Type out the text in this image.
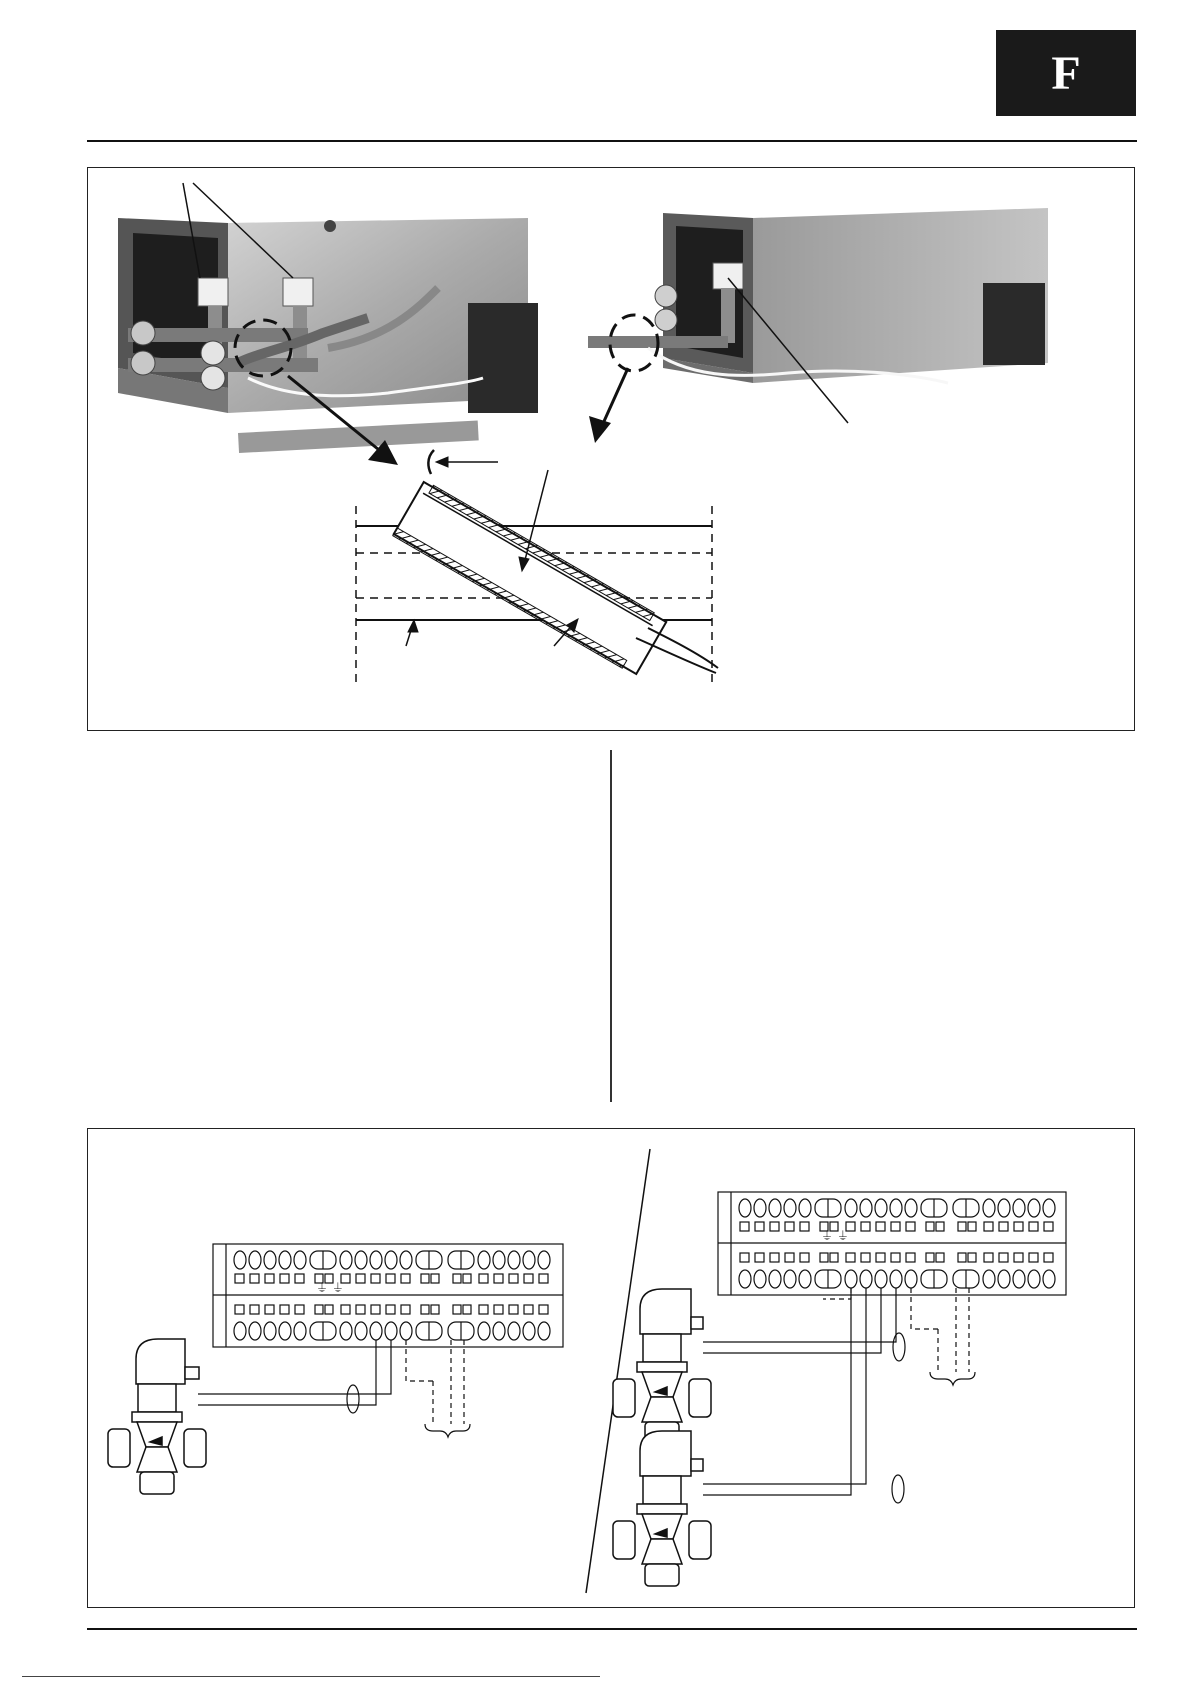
F
⏚ ⏚
⏚ ⏚
